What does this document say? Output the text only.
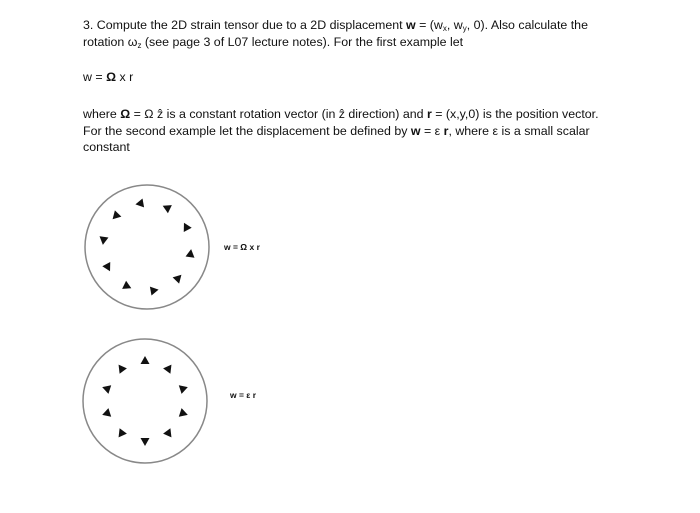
3. Compute the 2D strain tensor due to a 2D displacement $w = (w_x$, $w_y$, 0). Also calculate the
rotation $\omega_z$ (see page 3 of L07 lecture notes). For the first example let
w = Ω x r
where Ω = Ω ẑ is a constant rotation vector (in ẑ direction) and r = (x,y,0) is the position vector.
For the second example let the displacement be defined by w = ε r, where ε is a small scalar
constant
w = Ω x r
w = ε r
